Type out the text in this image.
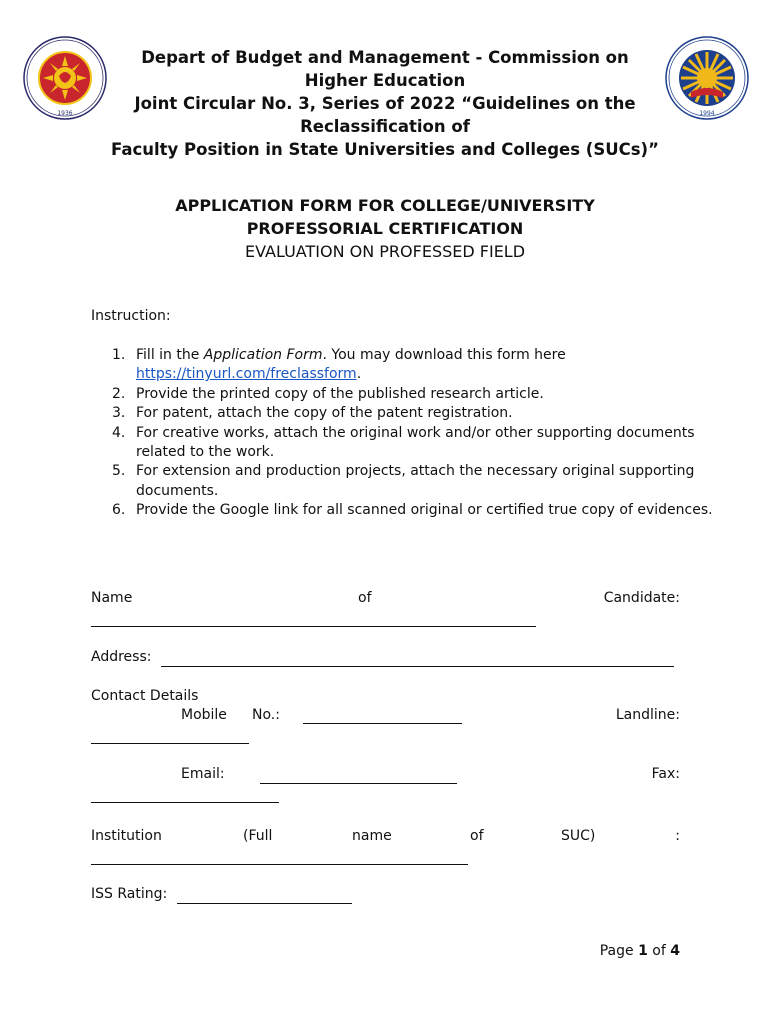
1936	1994
Depart of Budget and Management - Commission on
Higher Education
Joint Circular No. 3, Series of 2022 “Guidelines on the
Reclassification of
Faculty Position in State Universities and Colleges (SUCs)”
APPLICATION FORM FOR COLLEGE/UNIVERSITY
PROFESSORIAL CERTIFICATION
EVALUATION ON PROFESSED FIELD
Instruction:
1. Fill in the Application Form. You may download this form here
https://tinyurl.com/freclassform.
2. Provide the printed copy of the published research article.
3. For patent, attach the copy of the patent registration.
4. For creative works, attach the original work and/or other supporting documents related to the work.
5. For extension and production projects, attach the necessary original supporting documents.
6. Provide the Google link for all scanned original or certified true copy of evidences.
Name	of	Candidate:
Address:
Contact Details
Mobile No.:	Landline:
Email:	Fax:
Institution	(Full	name	of	SUC)	:
ISS Rating:
Page 1 of 4
